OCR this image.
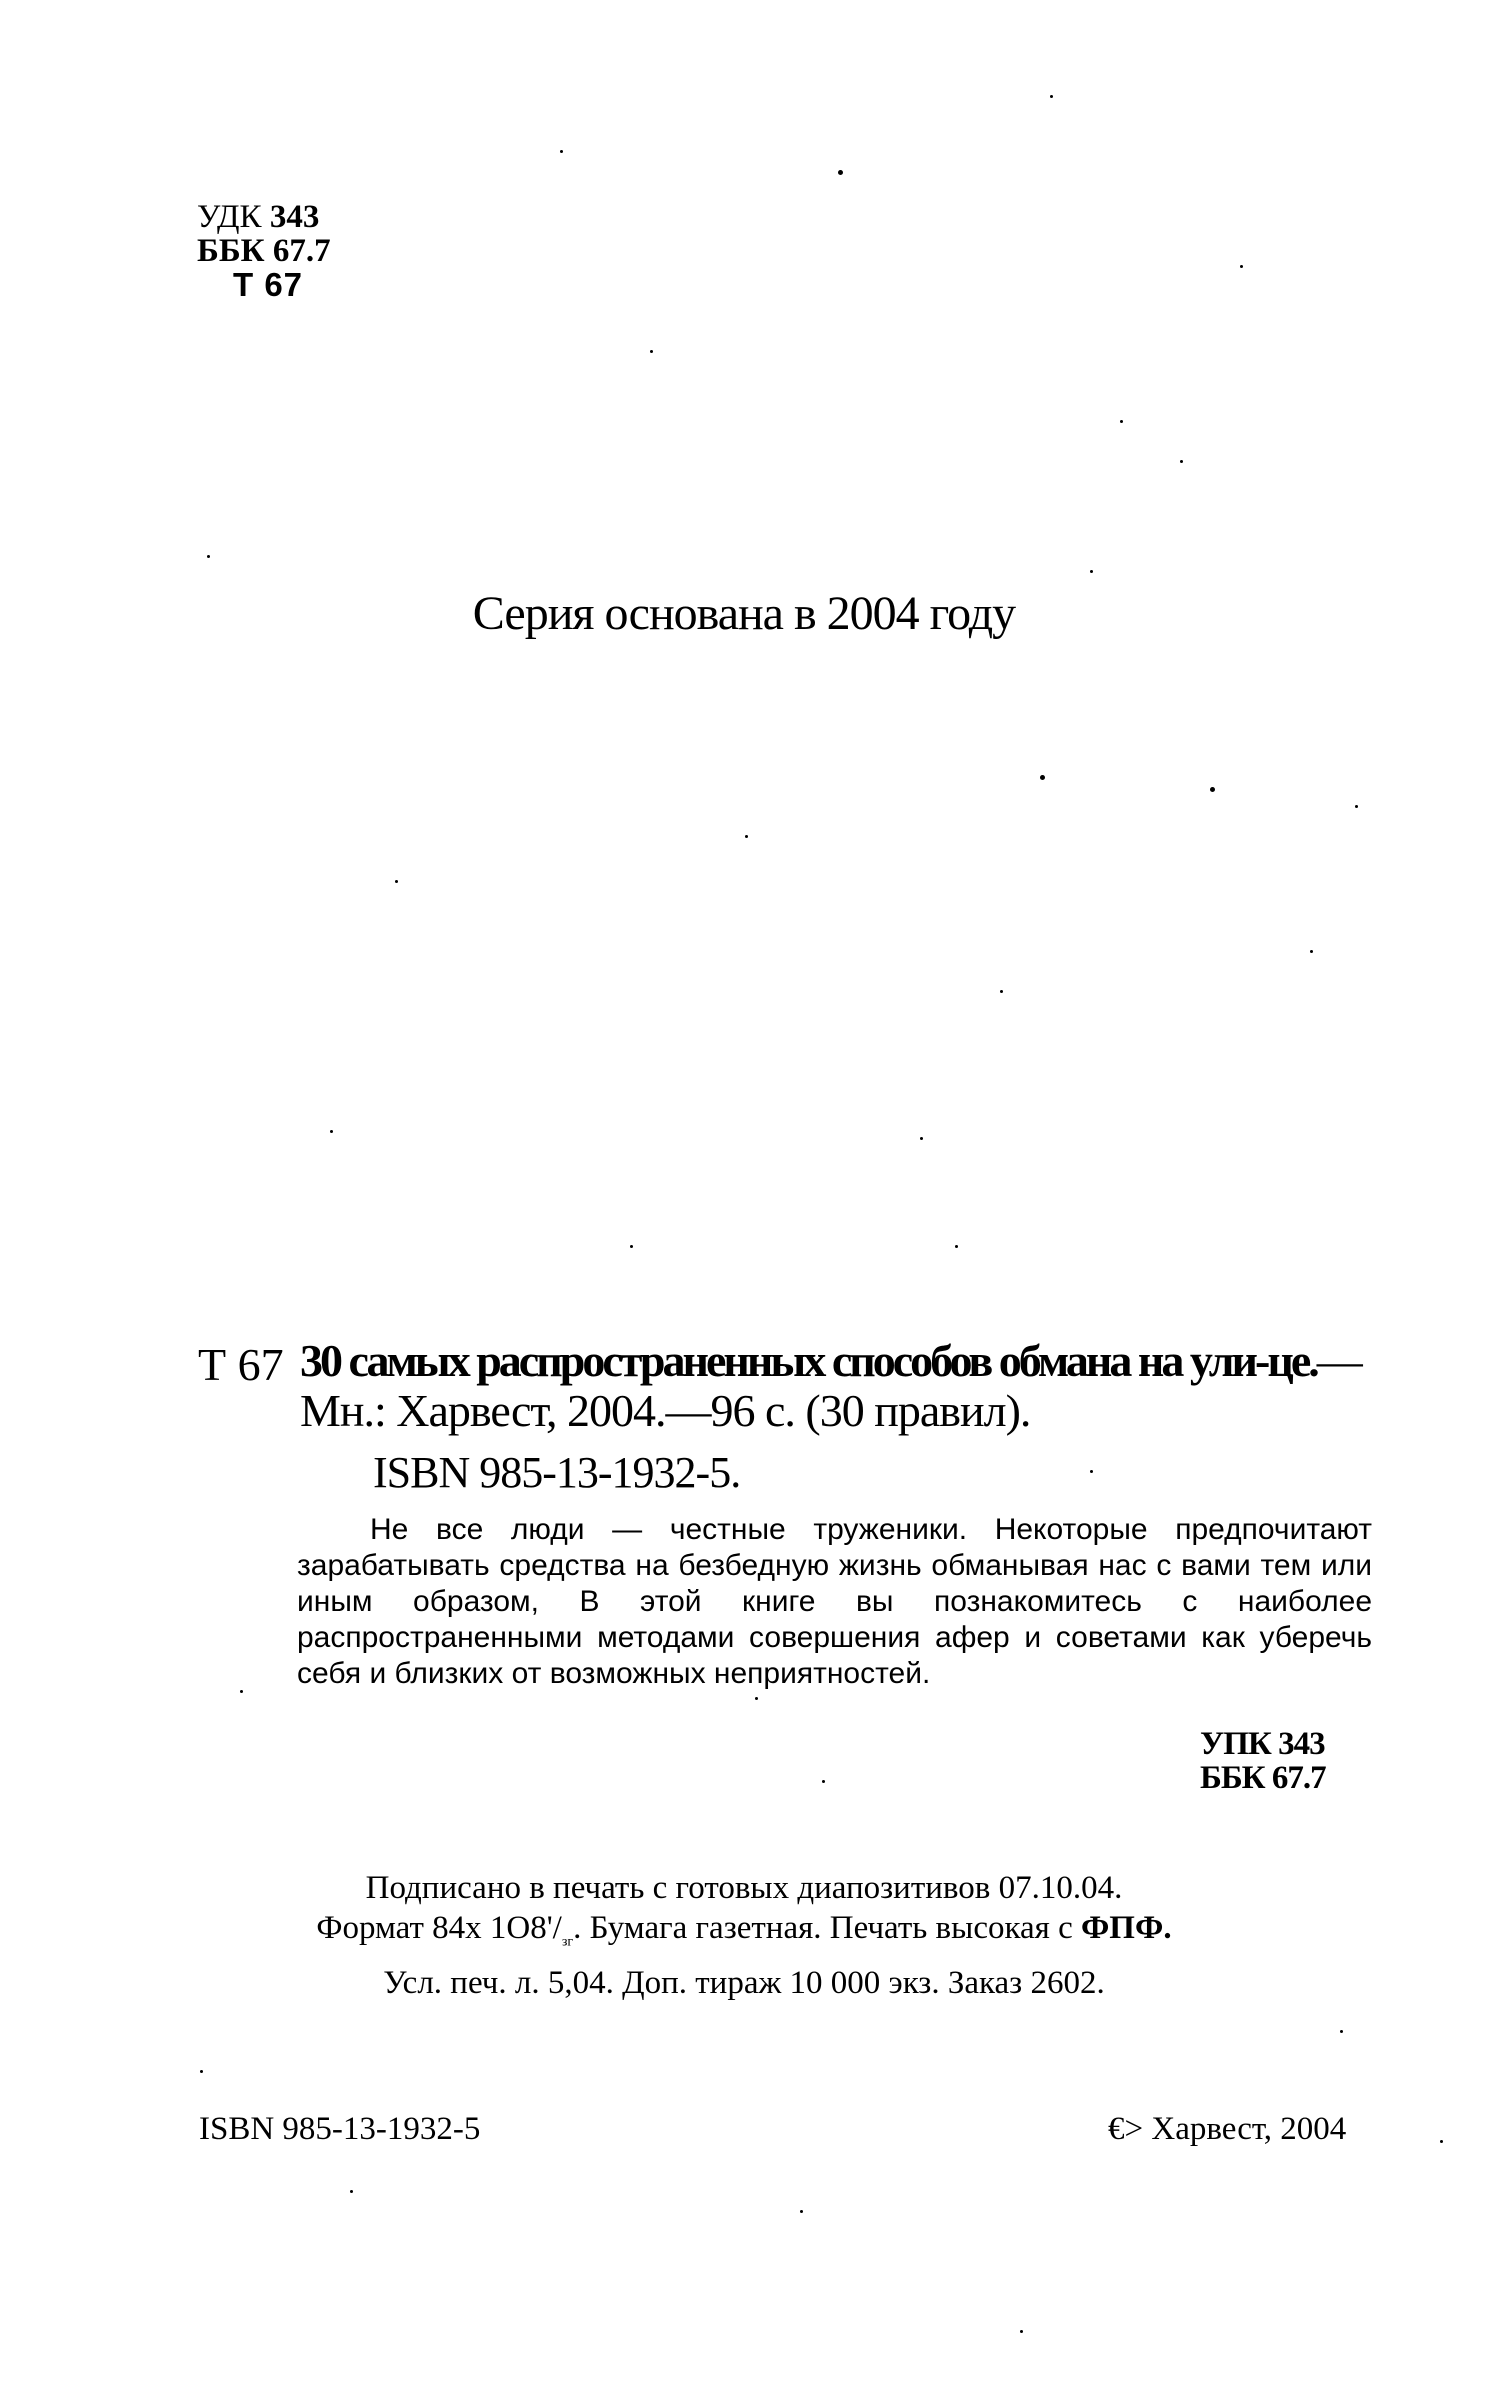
УДК 343
ББК 67.7
Т 67
Серия основана в 2004 году
Т 67 30 самых распространенных способов обмана на ули-це.— Мн.: Харвест, 2004.—96 с. (30 правил).
ISBN 985-13-1932-5.
Не все люди — честные труженики. Некоторые предпочитают зарабатывать средства на безбедную жизнь обманывая нас с вами тем или иным образом, В этой книге вы познакомитесь с наиболее распространенными методами совершения афер и советами как уберечь себя и близких от возможных неприятностей.
УПК 343
ББК 67.7
Подписано в печать с готовых диапозитивов 07.10.04.
Формат 84х $1О8'/_{зг}$. Бумага газетная. Печать высокая с ФПФ.
Усл. печ. л. 5,04. Доп. тираж 10 000 экз. Заказ 2602.
ISBN 985-13-1932-5	€> Харвест, 2004
